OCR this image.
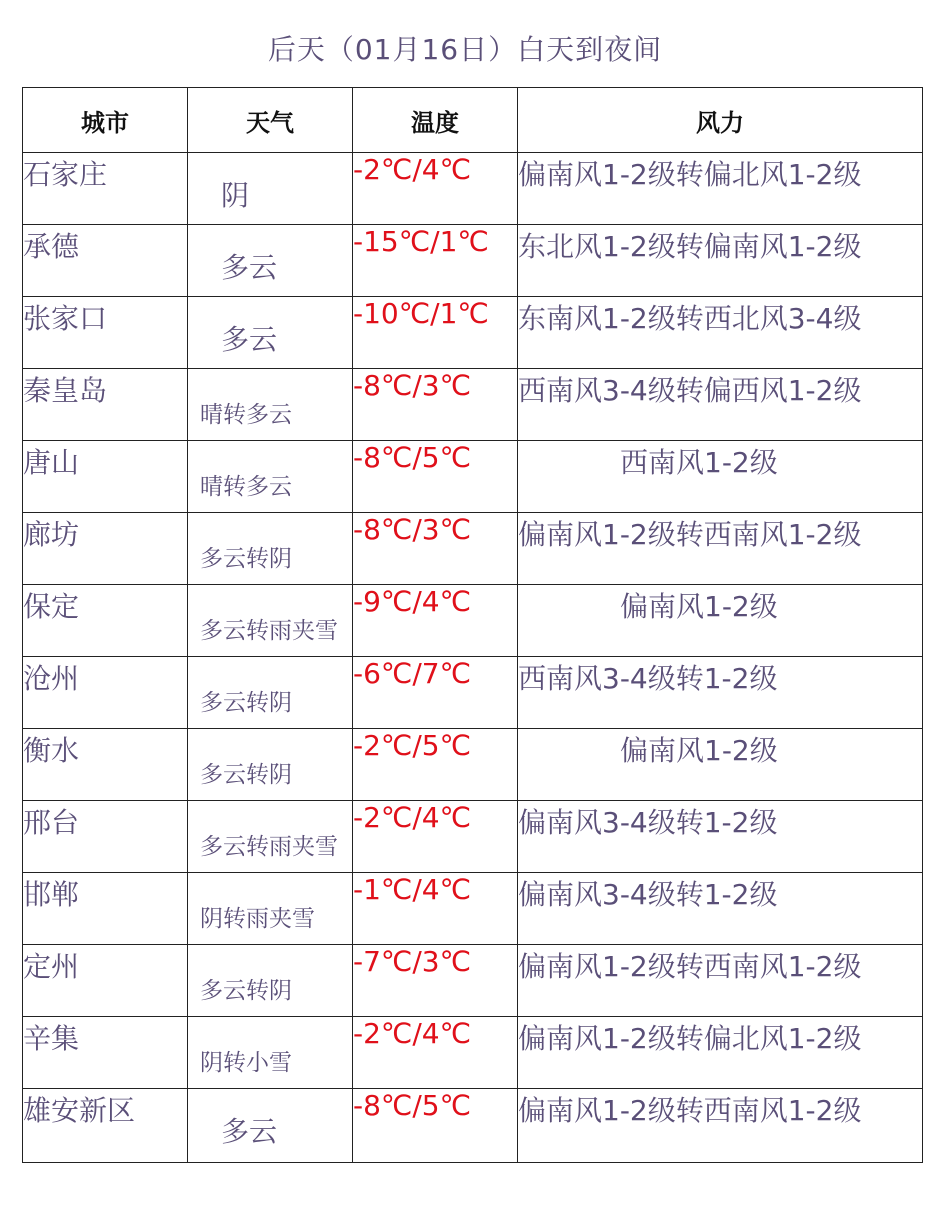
后天（01月16日）白天到夜间
城市	天气	温度	风力
石家庄	阴	-2℃/4℃	偏南风1-2级转偏北风1-2级
承德	多云	-15℃/1℃	东北风1-2级转偏南风1-2级
张家口	多云	-10℃/1℃	东南风1-2级转西北风3-4级
秦皇岛	晴转多云	-8℃/3℃	西南风3-4级转偏西风1-2级
唐山	晴转多云	-8℃/5℃	西南风1-2级
廊坊	多云转阴	-8℃/3℃	偏南风1-2级转西南风1-2级
保定	多云转雨夹雪	-9℃/4℃	偏南风1-2级
沧州	多云转阴	-6℃/7℃	西南风3-4级转1-2级
衡水	多云转阴	-2℃/5℃	偏南风1-2级
邢台	多云转雨夹雪	-2℃/4℃	偏南风3-4级转1-2级
邯郸	阴转雨夹雪	-1℃/4℃	偏南风3-4级转1-2级
定州	多云转阴	-7℃/3℃	偏南风1-2级转西南风1-2级
辛集	阴转小雪	-2℃/4℃	偏南风1-2级转偏北风1-2级
雄安新区	多云	-8℃/5℃	偏南风1-2级转西南风1-2级
